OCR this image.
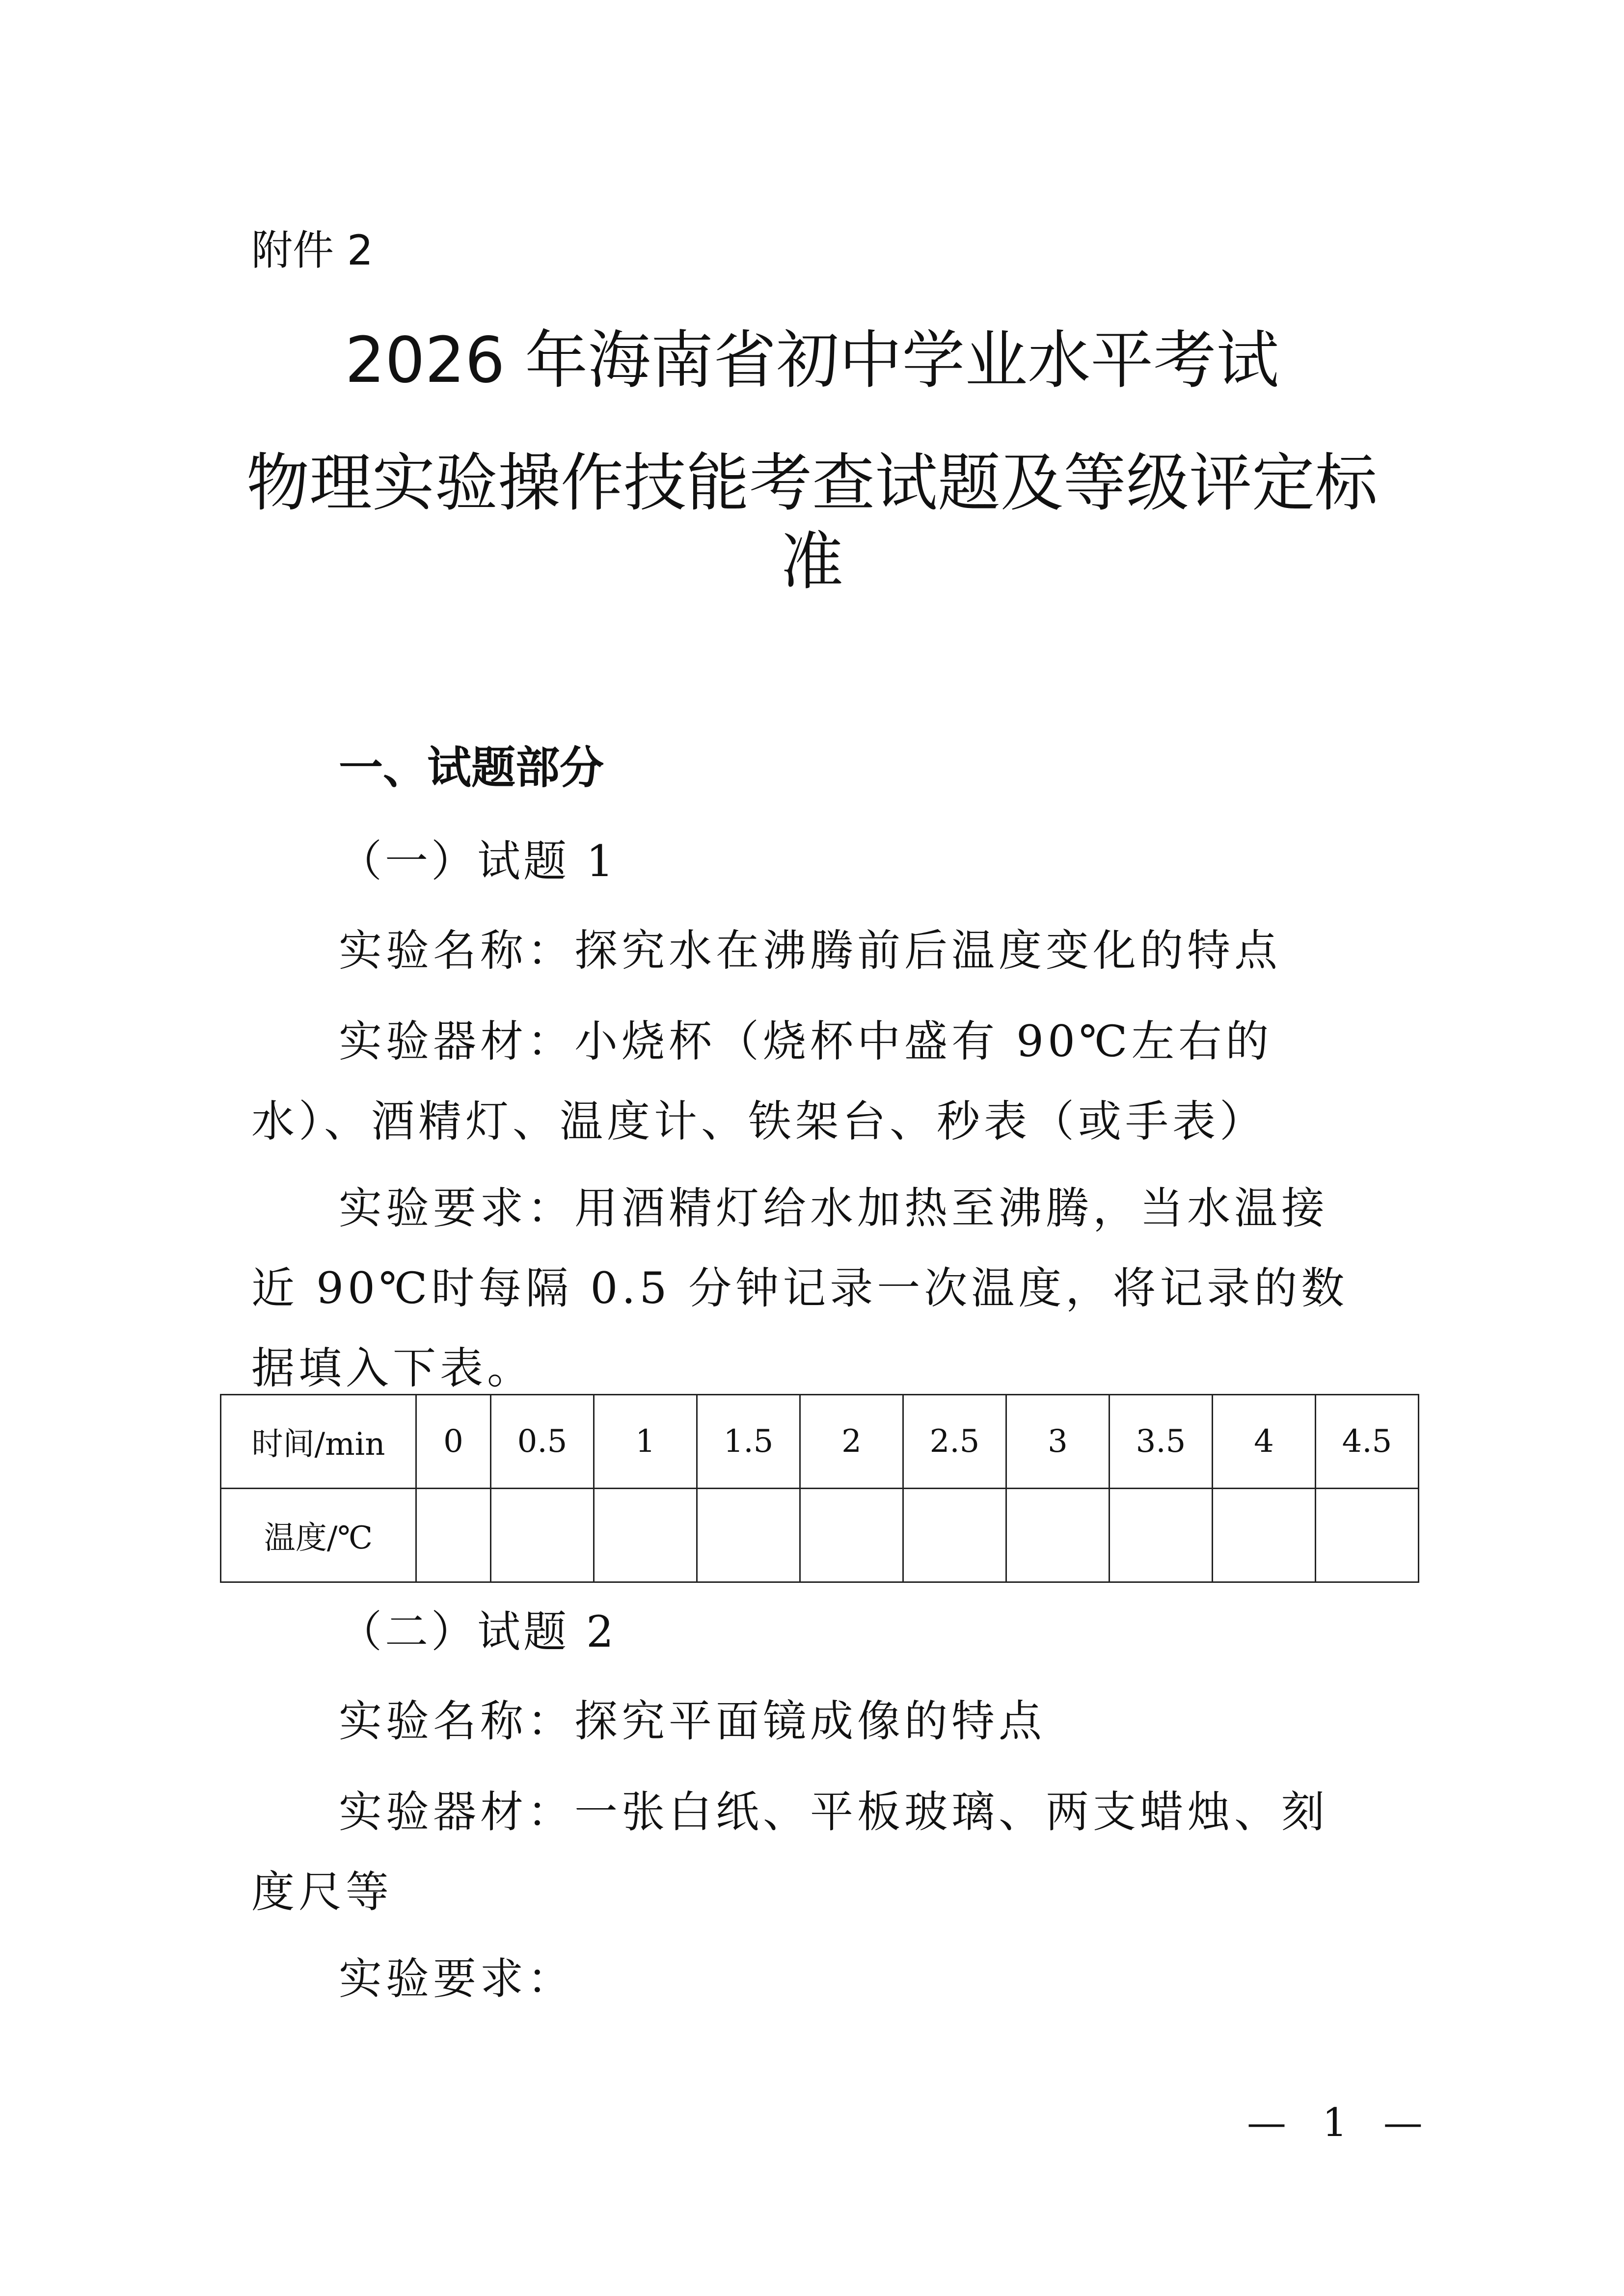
附件 2
2026 年海南省初中学业水平考试
物理实验操作技能考查试题及等级评定标
准
一、试题部分
（一）试题 1
实验名称：探究水在沸腾前后温度变化的特点
实验器材：小烧杯（烧杯中盛有 90℃左右的水）、酒精灯、温度计、铁架台、秒表（或手表）
实验要求：用酒精灯给水加热至沸腾，当水温接近 90℃时每隔 0.5 分钟记录一次温度，将记录的数据填入下表。
时间/min	0	0.5	1	1.5	2	2.5	3	3.5	4	4.5
温度/℃										
（二）试题 2
实验名称：探究平面镜成像的特点
实验器材：一张白纸、平板玻璃、两支蜡烛、刻度尺等
实验要求：
— 1 —
